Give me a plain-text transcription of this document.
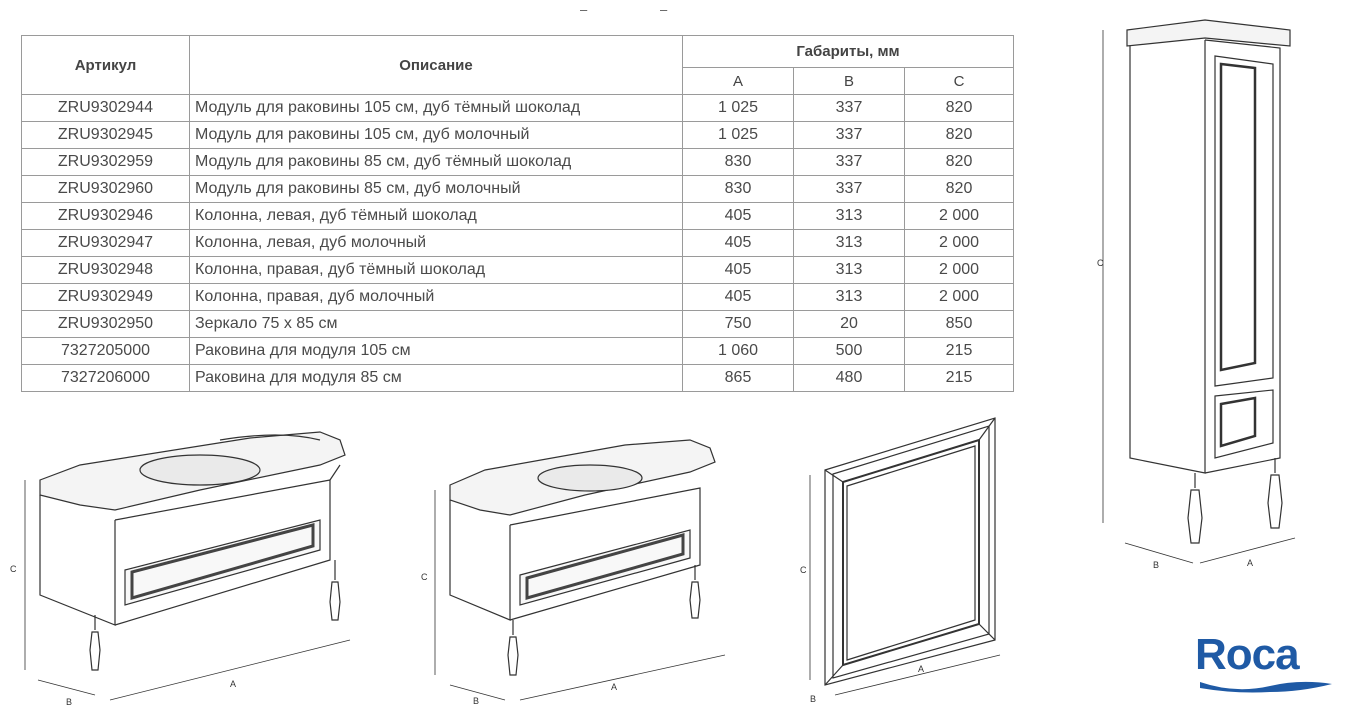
–	–
Артикул	Описание	Габариты, мм		
		A	B	C
ZRU9302944	Модуль для раковины 105 см, дуб тёмный шоколад	1 025	337	820
ZRU9302945	Модуль для раковины 105 см, дуб молочный	1 025	337	820
ZRU9302959	Модуль для раковины 85 см, дуб тёмный шоколад	830	337	820
ZRU9302960	Модуль для раковины 85 см, дуб молочный	830	337	820
ZRU9302946	Колонна, левая, дуб тёмный шоколад	405	313	2 000
ZRU9302947	Колонна, левая, дуб молочный	405	313	2 000
ZRU9302948	Колонна, правая, дуб тёмный шоколад	405	313	2 000
ZRU9302949	Колонна, правая, дуб молочный	405	313	2 000
ZRU9302950	Зеркало 75 x 85 см	750	20	850
7327205000	Раковина для модуля 105 см	1 060	500	215
7327206000	Раковина для модуля 85 см	865	480	215
C
B
A
C
B
A
C
B
A
C
B	A
Roca
